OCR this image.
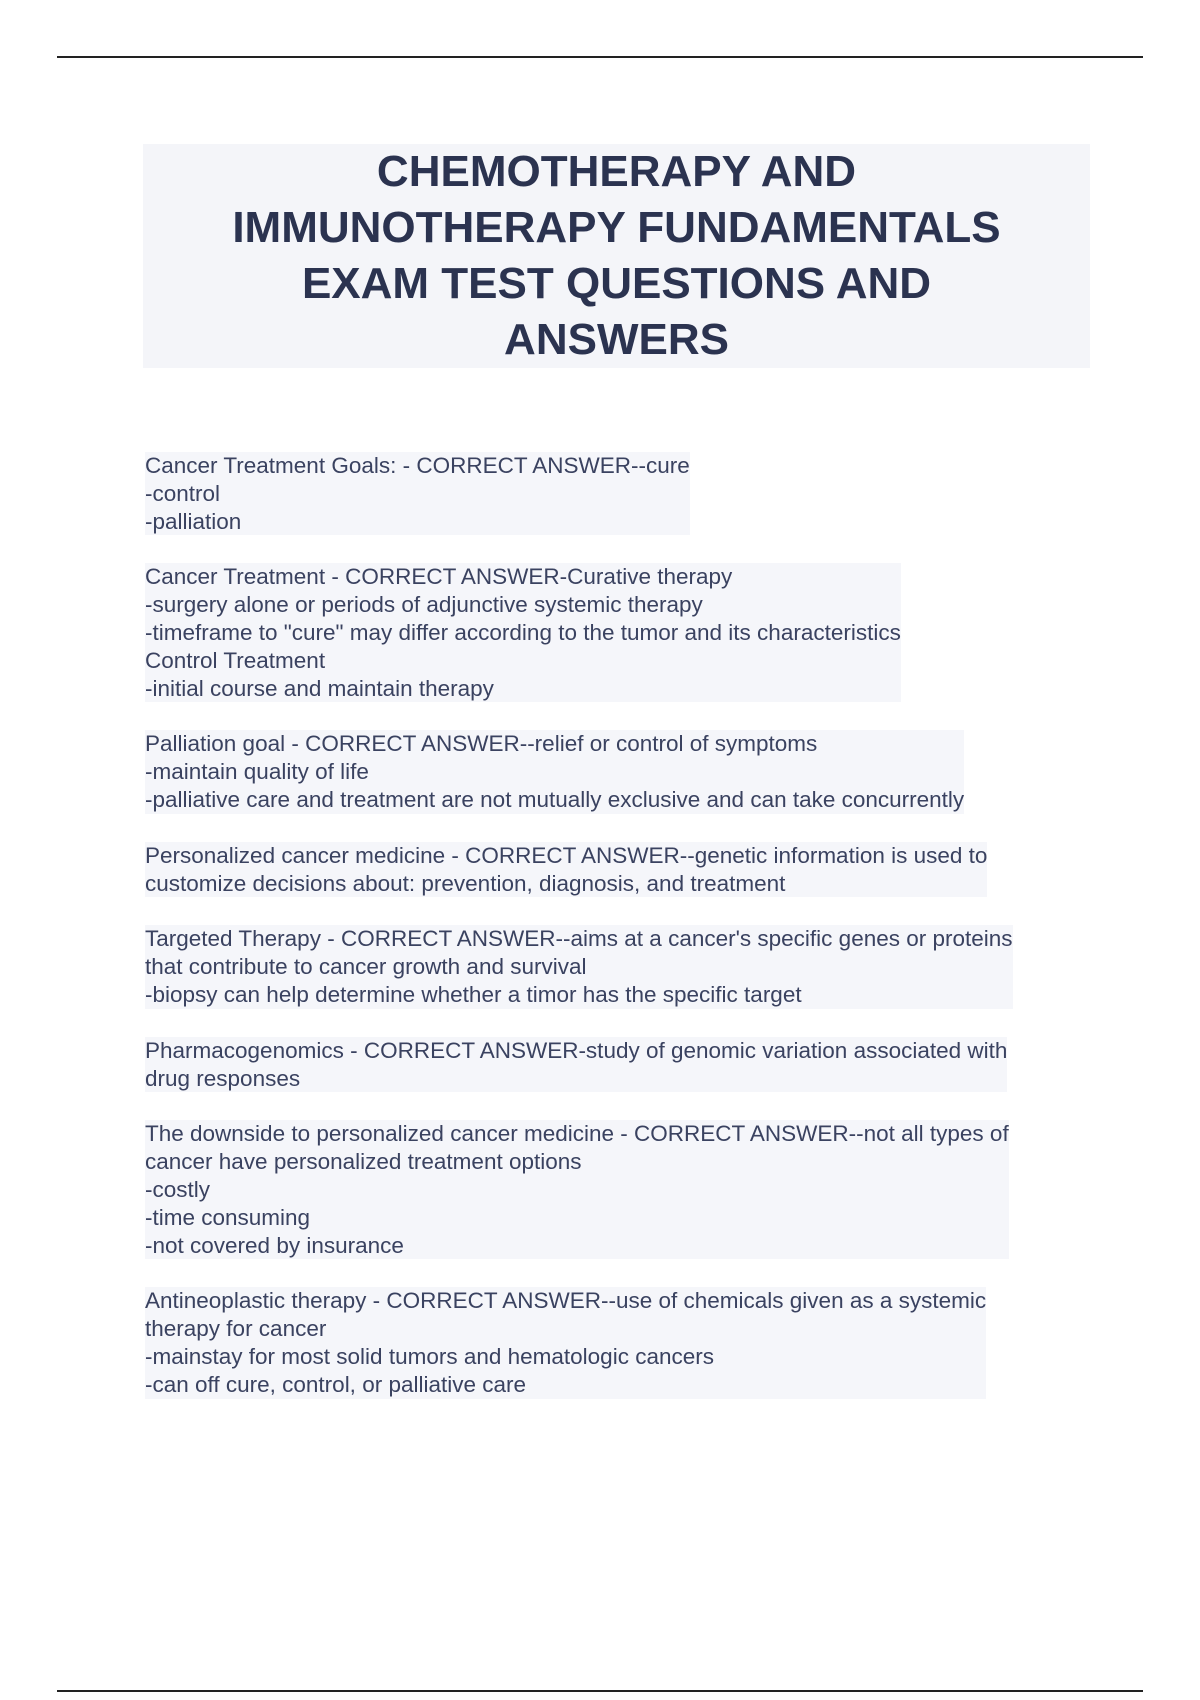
CHEMOTHERAPY AND
IMMUNOTHERAPY FUNDAMENTALS
EXAM TEST QUESTIONS AND
ANSWERS
Cancer Treatment Goals: - CORRECT ANSWER--cure
-control
-palliation
Cancer Treatment - CORRECT ANSWER-Curative therapy
-surgery alone or periods of adjunctive systemic therapy
-timeframe to "cure" may differ according to the tumor and its characteristics
Control Treatment
-initial course and maintain therapy
Palliation goal - CORRECT ANSWER--relief or control of symptoms
-maintain quality of life
-palliative care and treatment are not mutually exclusive and can take concurrently
Personalized cancer medicine - CORRECT ANSWER--genetic information is used to
customize decisions about: prevention, diagnosis, and treatment
Targeted Therapy - CORRECT ANSWER--aims at a cancer's specific genes or proteins
that contribute to cancer growth and survival
-biopsy can help determine whether a timor has the specific target
Pharmacogenomics - CORRECT ANSWER-study of genomic variation associated with
drug responses
The downside to personalized cancer medicine - CORRECT ANSWER--not all types of
cancer have personalized treatment options
-costly
-time consuming
-not covered by insurance
Antineoplastic therapy - CORRECT ANSWER--use of chemicals given as a systemic
therapy for cancer
-mainstay for most solid tumors and hematologic cancers
-can off cure, control, or palliative care
